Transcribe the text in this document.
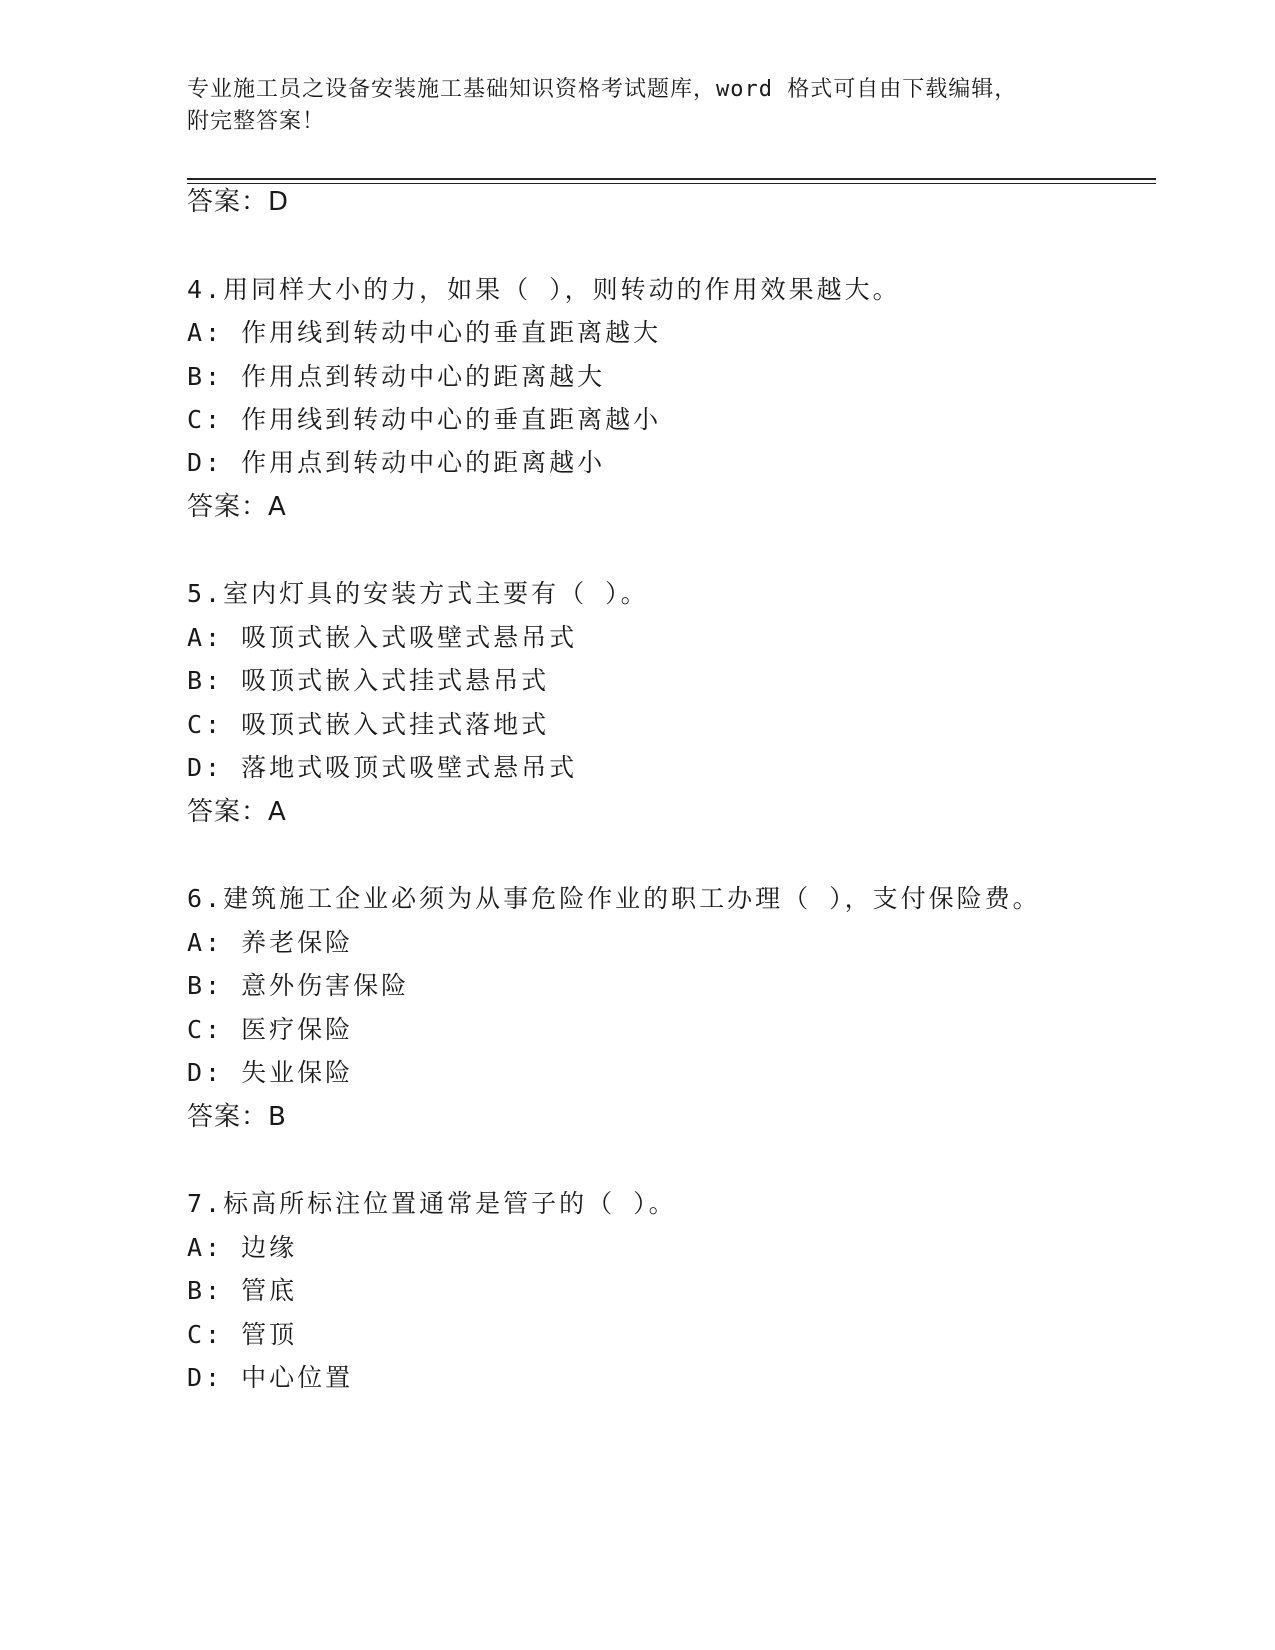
专业施工员之设备安装施工基础知识资格考试题库，word 格式可自由下载编辑，
附完整答案！
答案：D
4.用同样大小的力，如果（ ），则转动的作用效果越大。
A: 作用线到转动中心的垂直距离越大
B: 作用点到转动中心的距离越大
C: 作用线到转动中心的垂直距离越小
D: 作用点到转动中心的距离越小
答案：A
5.室内灯具的安装方式主要有（ ）。
A: 吸顶式嵌入式吸壁式悬吊式
B: 吸顶式嵌入式挂式悬吊式
C: 吸顶式嵌入式挂式落地式
D: 落地式吸顶式吸壁式悬吊式
答案：A
6.建筑施工企业必须为从事危险作业的职工办理（ ），支付保险费。
A: 养老保险
B: 意外伤害保险
C: 医疗保险
D: 失业保险
答案：B
7.标高所标注位置通常是管子的（ ）。
A: 边缘
B: 管底
C: 管顶
D: 中心位置
